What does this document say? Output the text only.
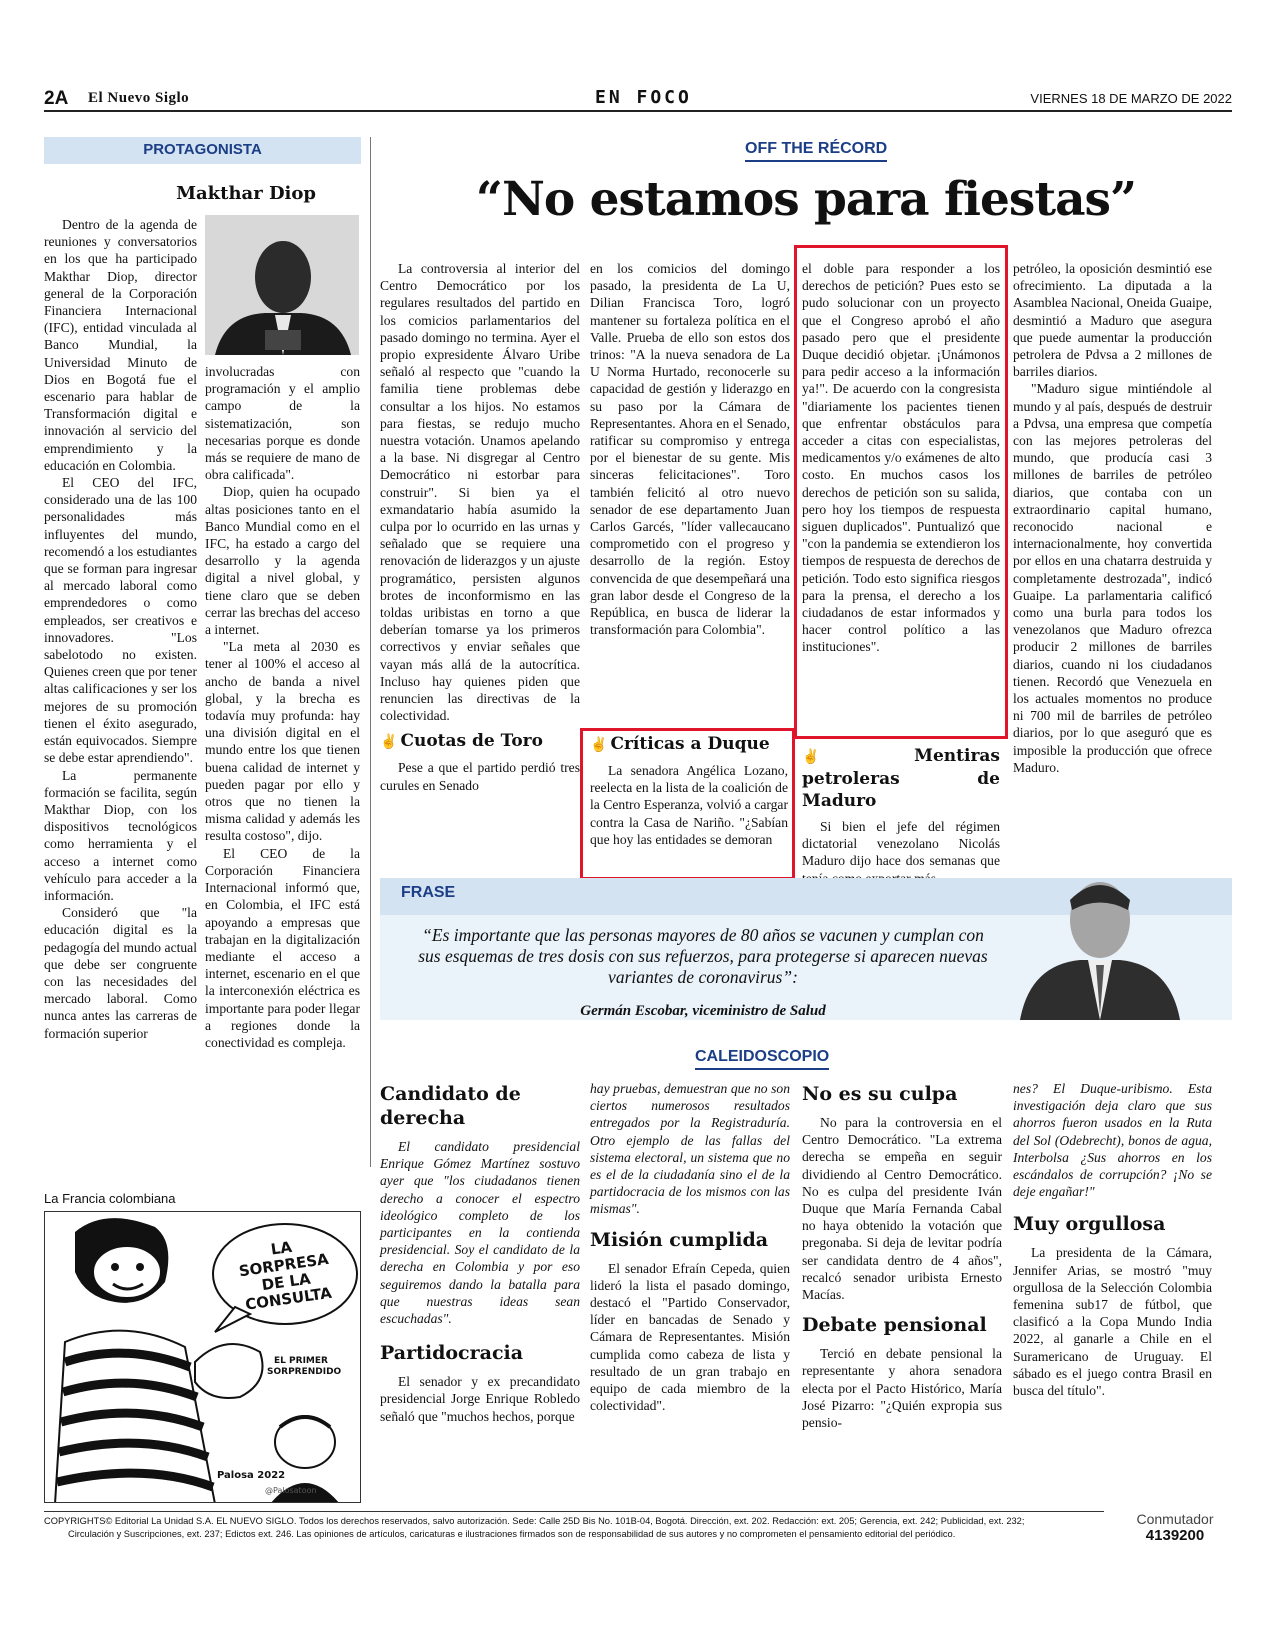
2A El Nuevo Siglo	EN FOCO	VIERNES 18 DE MARZO DE 2022
PROTAGONISTA
Makthar Diop

Dentro de la agenda de reuniones y conversatorios en los que ha participado Makthar Diop, director general de la Corporación Financiera Internacional (IFC), entidad vinculada al Banco Mundial, la Universidad Minuto de Dios en Bogotá fue el escenario para hablar de Transformación digital e innovación al servicio del emprendimiento y la educación en Colombia.

El CEO del IFC, considerado una de las 100 personalidades más influyentes del mundo, recomendó a los estudiantes que se forman para ingresar al mercado laboral como emprendedores o como empleados, ser creativos e innovadores. "Los sabelotodo no existen. Quienes creen que por tener altas calificaciones y ser los mejores de su promoción tienen el éxito asegurado, están equivocados. Siempre se debe estar aprendiendo".

La permanente formación se facilita, según Makthar Diop, con los dispositivos tecnológicos como herramienta y el acceso a internet como vehículo para acceder a la información.

Consideró que "la educación digital es la pedagogía del mundo actual que debe ser congruente con las necesidades del mercado laboral. Como nunca antes las carreras de formación superior

involucradas con programación y el amplio campo de la sistematización, son necesarias porque es donde más se requiere de mano de obra calificada".

Diop, quien ha ocupado altas posiciones tanto en el Banco Mundial como en el IFC, ha estado a cargo del desarrollo y la agenda digital a nivel global, y tiene claro que se deben cerrar las brechas del acceso a internet.

"La meta al 2030 es tener al 100% el acceso al ancho de banda a nivel global, y la brecha es todavía muy profunda: hay una división digital en el mundo entre los que tienen buena calidad de internet y pueden pagar por ello y otros que no tienen la misma calidad y además les resulta costoso", dijo.

El CEO de la Corporación Financiera Internacional informó que, en Colombia, el IFC está apoyando a empresas que trabajan en la digitalización mediante el acceso a internet, escenario en el que la interconexión eléctrica es importante para poder llegar a regiones donde la conectividad es compleja.

La Francia colombiana
LA SORPRESA DE LA CONSULTA
EL PRIMER SORPRENDIDO
Palosa 2022
@Palosatoon
OFF THE RÉCORD
“No estamos para fiestas”

La controversia al interior del Centro Democrático por los regulares resultados del partido en los comicios parlamentarios del pasado domingo no termina. Ayer el propio expresidente Álvaro Uribe señaló al respecto que "cuando la familia tiene problemas debe consultar a los hijos. No estamos para fiestas, se redujo mucho nuestra votación. Unamos apelando a la base. Ni disgregar al Centro Democrático ni estorbar para construir". Si bien ya el exmandatario había asumido la culpa por lo ocurrido en las urnas y señalado que se requiere una renovación de liderazgos y un ajuste programático, persisten algunos brotes de inconformismo en las toldas uribistas en torno a que deberían tomarse ya los primeros correctivos y enviar señales que vayan más allá de la autocrítica. Incluso hay quienes piden que renuncien las directivas de la colectividad.

✌ Cuotas de Toro

Pese a que el partido perdió tres curules en Senado

en los comicios del domingo pasado, la presidenta de La U, Dilian Francisca Toro, logró mantener su fortaleza política en el Valle. Prueba de ello son estos dos trinos: "A la nueva senadora de La U Norma Hurtado, reconocerle su capacidad de gestión y liderazgo en su paso por la Cámara de Representantes. Ahora en el Senado, ratificar su compromiso y entrega por el bienestar de su gente. Mis sinceras felicitaciones". Toro también felicitó al otro nuevo senador de ese departamento Juan Carlos Garcés, "líder vallecaucano comprometido con el progreso y desarrollo de la región. Estoy convencida de que desempeñará una gran labor desde el Congreso de la República, en busca de liderar la transformación para Colombia".

✌ Críticas a Duque

La senadora Angélica Lozano, reelecta en la lista de la coalición de la Centro Esperanza, volvió a cargar contra la Casa de Nariño. "¿Sabían que hoy las entidades se demoran

el doble para responder a los derechos de petición? Pues esto se pudo solucionar con un proyecto que el Congreso aprobó el año pasado pero que el presidente Duque decidió objetar. ¡Unámonos para pedir acceso a la información ya!". De acuerdo con la congresista "diariamente los pacientes tienen que enfrentar obstáculos para acceder a citas con especialistas, medicamentos y/o exámenes de alto costo. En muchos casos los derechos de petición son su salida, pero hoy los tiempos de respuesta siguen duplicados". Puntualizó que "con la pandemia se extendieron los tiempos de respuesta de derechos de petición. Todo esto significa riesgos para la prensa, el derecho a los ciudadanos de estar informados y hacer control político a las instituciones".

✌ Mentiras petroleras de Maduro

Si bien el jefe del régimen dictatorial venezolano Nicolás Maduro dijo hace dos semanas que

petróleo, la oposición desmintió ese ofrecimiento. La diputada a la Asamblea Nacional, Oneida Guaipe, desmintió a Maduro que asegura que puede aumentar la producción petrolera de Pdvsa a 2 millones de barriles diarios.

"Maduro sigue mintiéndole al mundo y al país, después de destruir a Pdvsa, una empresa que competía con las mejores petroleras del mundo, que producía casi 3 millones de barriles de petróleo diarios, que contaba con un extraordinario capital humano, reconocido nacional e internacionalmente, hoy convertida por ellos en una chatarra destruida y completamente destrozada", indicó Guaipe. La parlamentaria calificó como una burla para todos los venezolanos que Maduro ofrezca producir 2 millones de barriles diarios, cuando ni los ciudadanos tienen. Recordó que Venezuela en los actuales momentos no produce ni 700 mil de barriles de petróleo diarios, por lo que aseguró que es imposible la producción que ofrece Maduro.

FRASE
“Es importante que las personas mayores de 80 años se vacunen y cumplan con sus esquemas de tres dosis con sus refuerzos, para protegerse si aparecen nuevas variantes de coronavirus”:
Germán Escobar, viceministro de Salud
CALEIDOSCOPIO
Candidato de derecha

El candidato presidencial Enrique Gómez Martínez sostuvo ayer que "los ciudadanos tienen derecho a conocer el espectro ideológico completo de los participantes en la contienda presidencial. Soy el candidato de la derecha en Colombia y por eso seguiremos dando la batalla para que nuestras ideas sean escuchadas".

Partidocracia

El senador y ex precandidato presidencial Jorge Enrique Robledo señaló que "muchos hechos, porque

hay pruebas, demuestran que no son ciertos numerosos resultados entregados por la Registraduría. Otro ejemplo de las fallas del sistema electoral, un sistema que no es el de la ciudadanía sino el de la partidocracia de los mismos con las mismas".

Misión cumplida

El senador Efraín Cepeda, quien lideró la lista el pasado domingo, destacó el "Partido Conservador, líder en bancadas de Senado y Cámara de Representantes. Misión cumplida como cabeza de lista y resultado de un gran trabajo en equipo de cada miembro de la colectividad".

No es su culpa

No para la controversia en el Centro Democrático. "La extrema derecha se empeña en seguir dividiendo al Centro Democrático. No es culpa del presidente Iván Duque que María Fernanda Cabal no haya obtenido la votación que pregonaba. Si deja de levitar podría ser candidata dentro de 4 años", recalcó senador uribista Ernesto Macías.

Debate pensional

Terció en debate pensional la representante y ahora senadora electa por el Pacto Histórico, María José Pizarro: "¿Quién expropia sus pensio-

nes? El Duque-uribismo. Esta investigación deja claro que sus ahorros fueron usados en la Ruta del Sol (Odebrecht), bonos de agua, Interbolsa ¿Sus ahorros en los escándalos de corrupción? ¡No se deje engañar!"

Muy orgullosa

La presidenta de la Cámara, Jennifer Arias, se mostró "muy orgullosa de la Selección Colombia femenina sub17 de fútbol, que clasificó a la Copa Mundo India 2022, al ganarle a Chile en el Suramericano de Uruguay. El sábado es el juego contra Brasil en busca del título".

COPYRIGHTS© Editorial La Unidad S.A. EL NUEVO SIGLO. Todos los derechos reservados, salvo autorización. Sede: Calle 25D Bis No. 101B-04, Bogotá. Dirección, ext. 202. Redacción: ext. 205; Gerencia, ext. 242; Publicidad, ext. 232;
Circulación y Suscripciones, ext. 237; Edictos ext. 246. Las opiniones de artículos, caricaturas e ilustraciones firmados son de responsabilidad de sus autores y no comprometen el pensamiento editorial del periódico.
Conmutador
4139200
